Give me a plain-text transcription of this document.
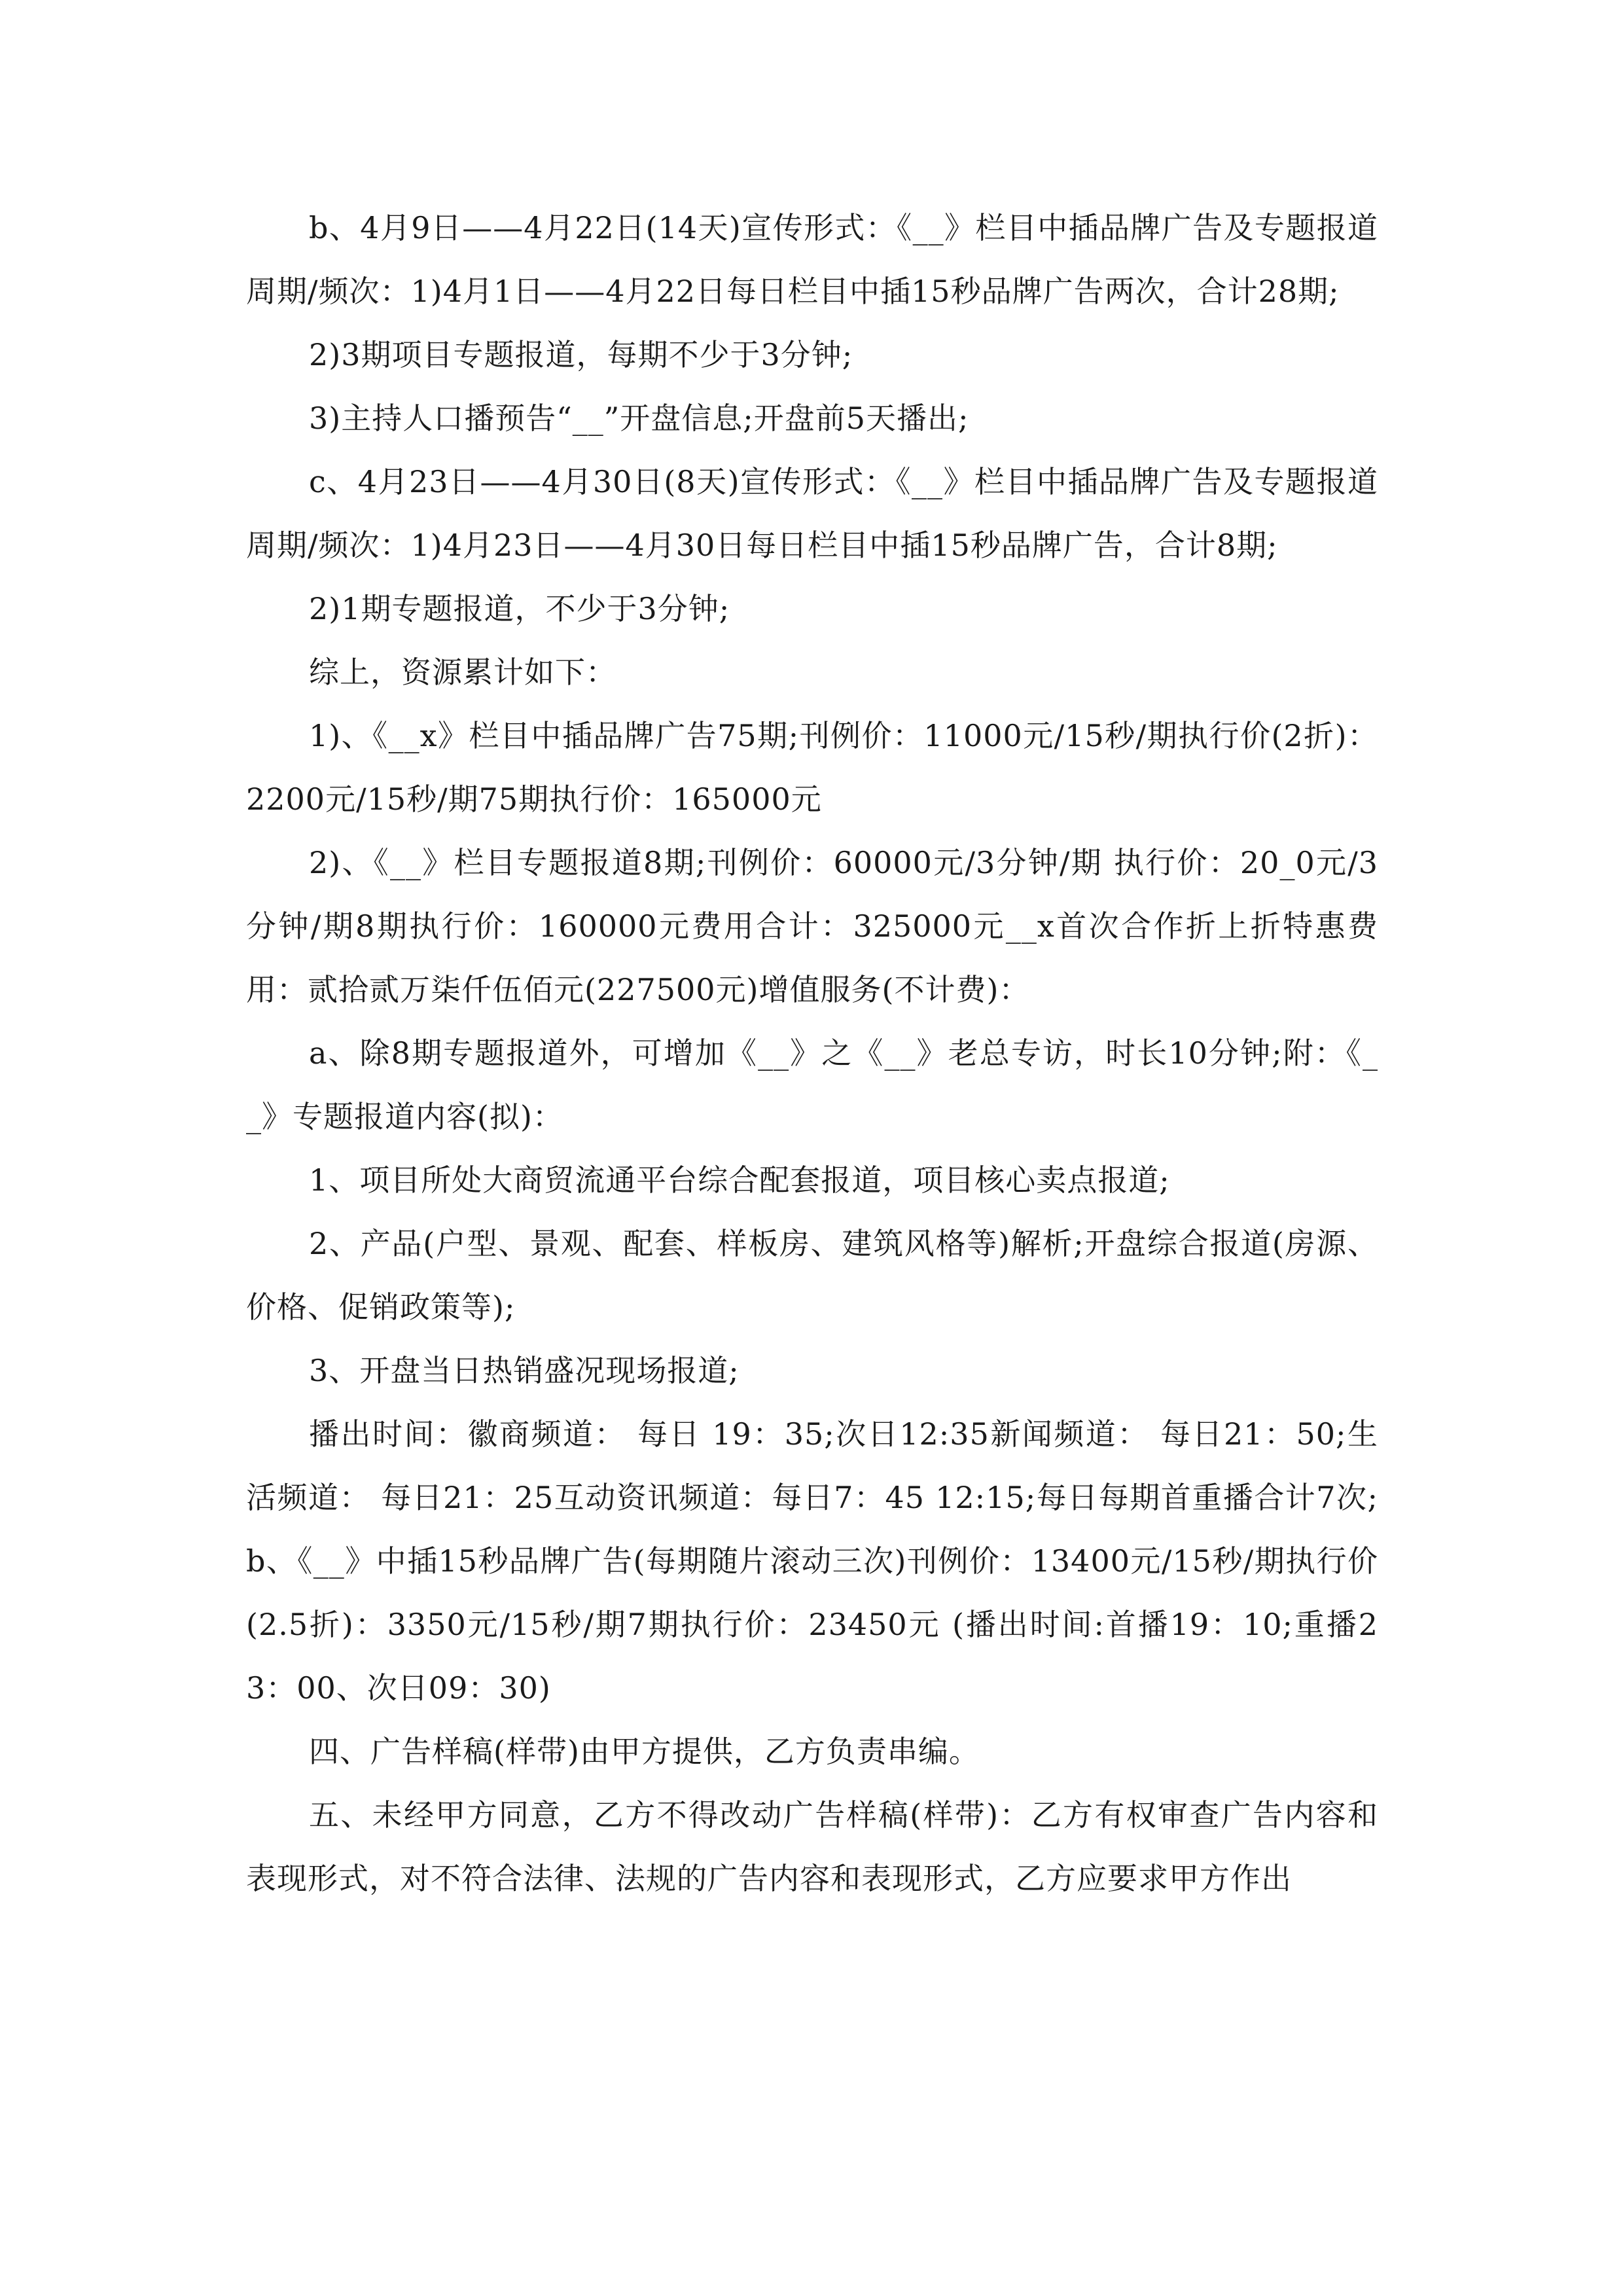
b、4月9日——4月22日(14天)宣传形式：《__》栏目中插品牌广告及专题报道周期/频次：1)4月1日——4月22日每日栏目中插15秒品牌广告两次，合计28期;

2)3期项目专题报道，每期不少于3分钟;

3)主持人口播预告“__”开盘信息;开盘前5天播出;

c、4月23日——4月30日(8天)宣传形式：《__》栏目中插品牌广告及专题报道 周期/频次：1)4月23日——4月30日每日栏目中插15秒品牌广告，合计8期;

2)1期专题报道，不少于3分钟;

综上，资源累计如下：

1)、《__x》栏目中插品牌广告75期;刊例价：11000元/15秒/期执行价(2折)：2200元/15秒/期75期执行价：165000元

2)、《__》栏目专题报道8期;刊例价：60000元/3分钟/期 执行价：20_0元/3分钟/期8期执行价：160000元费用合计：325000元__x首次合作折上折特惠费用：贰拾贰万柒仟伍佰元(227500元)增值服务(不计费)：

a、除8期专题报道外，可增加《__》之《__》老总专访，时长10分钟;附：《__》专题报道内容(拟)：

1、项目所处大商贸流通平台综合配套报道，项目核心卖点报道;

2、产品(户型、景观、配套、样板房、建筑风格等)解析;开盘综合报道(房源、价格、促销政策等);

3、开盘当日热销盛况现场报道;

播出时间：徽商频道： 每日 19：35;次日12:35新闻频道： 每日21：50;生活频道： 每日21：25互动资讯频道：每日7：45 12:15;每日每期首重播合计7次;b、《__》中插15秒品牌广告(每期随片滚动三次)刊例价：13400元/15秒/期执行价(2.5折)：3350元/15秒/期7期执行价：23450元 (播出时间:首播19：10;重播23：00、次日09：30)

四、广告样稿(样带)由甲方提供，乙方负责串编。

五、未经甲方同意，乙方不得改动广告样稿(样带)：乙方有权审查广告内容和表现形式，对不符合法律、法规的广告内容和表现形式，乙方应要求甲方作出
